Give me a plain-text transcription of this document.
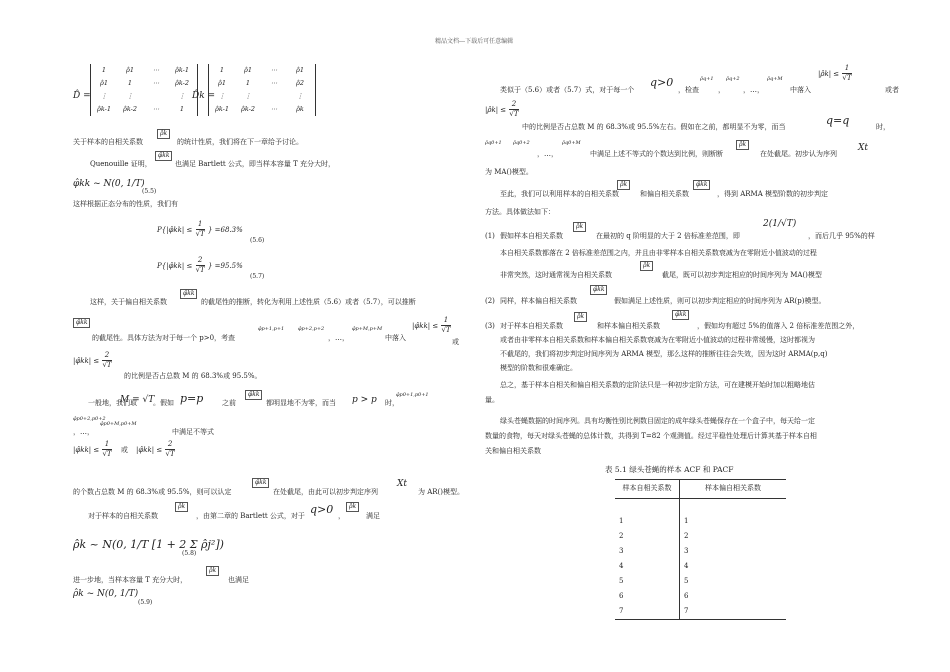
精品文档---下载后可任意编辑
D̂ =
1	ρ̂1	⋯	ρ̂k-1
ρ̂1	1	⋯	ρ̂k-2
⋮	⋮	⋮
ρ̂k-1	ρ̂k-2	⋯	1
D̂k =
1	ρ̂1	⋯	ρ̂1
ρ̂1	1	⋯	ρ̂2
⋮	⋮	⋮
ρ̂k-1	ρ̂k-2	⋯	ρ̂k
关于样本的自相关系数
ρ̂k
的统计性质，我们将在下一章给予讨论。
Quenouille 证明，
φ̂kk
也满足 Bartlett 公式，即当样本容量 T 充分大时，
φ̂kk ~ N(0, 1/T)
(5.5)
这样根据正态分布的性质，我们有
P{|φ̂kk| ≤ $\frac{1}{√T}$ } =68.3%
(5.6)
P{|φ̂kk| ≤ $\frac{2}{√T}$ } =95.5%
(5.7)
这样，关于偏自相关系数
φ̂kk
的截尾性的推断，转化为利用上述性质（5.6）或者（5.7），可以推断
φ̂kk
的截尾性。具体方法为对于每一个 p>0，考查
φ̂p+1,p+1	φ̂p+2,p+2
，…，
φ̂p+M,p+M
中落入
|φ̂kk| ≤ $\frac{1}{√T}$
或
|φ̂kk| ≤ $\frac{2}{√T}$
的比例是否占总数 M 的 68.3%或 95.5%。
一般地，我们取
M = √T
。假如 p=p	之前
φ̂kk
都明显地不为零，而当 p > p 时，
φ̂p0+1,p0+1
φ̂p0+2,p0+2
，…，
φ̂p0+M,p0+M
中满足不等式
|φ̂kk| ≤ $\frac{1}{√T}$ 或 |φ̂kk| ≤ $\frac{2}{√T}$
的个数占总数 M 的 68.3%或 95.5%，则可以认定
φ̂kk
在处截尾，由此可以初步判定序列
Xt
为 AR()模型。
对于样本的自相关系数
ρ̂k
，由第二章的 Bartlett 公式，对于 q>0 ，
ρ̂k
满足
ρ̂k ~ N(0, 1/T [1 + 2 Σ ρ̂j²])
(5.8)
进一步地，当样本容量 T 充分大时，
ρ̂k
也满足
ρ̂k ~ N(0, 1/T)
(5.9)
类似于（5.6）或者（5.7）式，对于每一个
q>0
，检查
ρ̂q+1
，
ρ̂q+2
，…，
ρ̂q+M
中落入
|ρ̂k| ≤ $\frac{1}{√T}$
或者
|ρ̂k| ≤ $\frac{2}{√T}$
中的比例是否占总数 M 的 68.3%或 95.5%左右。假如在之前，都明显不为零，而当	q=q	时，
ρ̂q0+1 ρ̂q0+2
，…，
ρ̂q0+M
中满足上述不等式的个数达到比例，则断断
ρ̂k
在处截尾。初步认为序列
Xt
为 MA()模型。
至此，我们可以利用样本的自相关系数
ρ̂k
和偏自相关系数
φ̂kk
，得到 ARMA 模型阶数的初步判定
方法。具体做法如下：
(1) 假如样本自相关系数
ρ̂k
在最初的 q 阶明显的大于 2 倍标准差范围，即
2(1/√T)
，而后几乎 95%的样
本自相关系数都落在 2 倍标准差范围之内，并且由非零样本自相关系数衰减为在零附近小值波动的过程
非常突然，这时通常视为自相关系数
ρ̂k
截尾，既可以初步判定相应的时间序列为 MA()模型
(2) 同样，样本偏自相关系数
φ̂kk
假如满足上述性质，则可以初步判定相应的时间序列为 AR(p)模型。
(3) 对于样本自相关系数
ρ̂k
和样本偏自相关系数
φ̂kk
，假如均有超过 5%的值落入 2 倍标准差范围之外，
或者由非零样本自相关系数和样本偏自相关系数衰减为在零附近小值波动的过程非常缓慢，这时都视为
不截尾的，我们将初步判定时间序列为 ARMA 模型，那么这样的推断往往会失效，因为这时 ARMA(p,q)
模型的阶数和很难确定。
总之，基于样本自相关和偏自相关系数的定阶法只是一种初步定阶方法，可在建模开始时加以粗略地估
量。
绿头苍蝇数据的时间序列。具有均衡性别比例数目固定的成年绿头苍蝇保存在一个盒子中，每天给一定
数量的食物，每天对绿头苍蝇的总体计数，共得到 T=82 个观测值。经过平稳性处理后计算其基于样本自相
关和偏自相关系数
表 5.1 绿头苍蝇的样本 ACF 和 PACF
样本自相关系数	样本偏自相关系数

1	1
2	2
3	3
4	4
5	5
6	6
7	7
